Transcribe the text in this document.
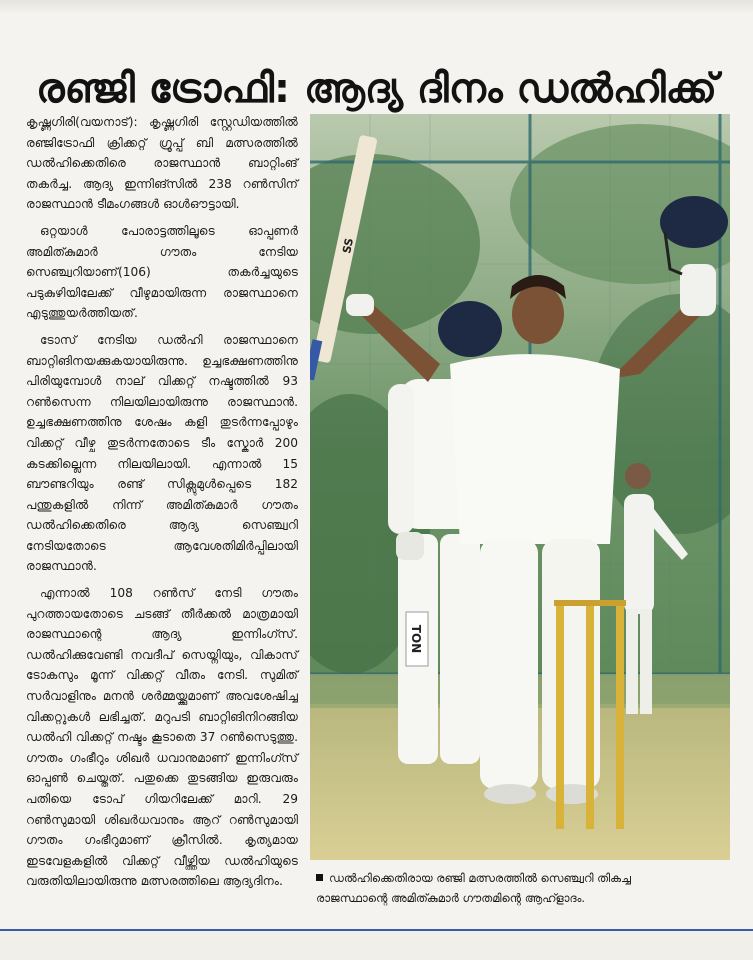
രഞ്ജി ട്രോഫി: ആദ്യ ദിനം ഡൽഹിക്ക്

കൃഷ്ണഗിരി(വയനാട്): കൃഷ്ണഗിരി സ്റ്റേഡിയത്തിൽ രഞ്ജിട്രോഫി ക്രിക്കറ്റ് ഗ്രൂപ്പ് ബി മത്സരത്തിൽ ഡൽഹിക്കെതിരെ രാജസ്ഥാൻ ബാറ്റിംങ് തകർച്ച. ആദ്യ ഇന്നിങ്സിൽ 238 റൺസിന് രാജസ്ഥാൻ ടീമംഗങ്ങൾ ഓൾഔട്ടായി.

ഒറ്റയാൾ പോരാട്ടത്തിലൂടെ ഓപ്പണർ അമിത്കുമാർ ഗൗതം നേടിയ സെഞ്ച്വറിയാണ്(106) തകർച്ചയുടെ പടുകുഴിയിലേക്ക് വീഴുമായിരുന്ന രാജസ്ഥാനെ എടുത്തുയർത്തിയത്.

ടോസ് നേടിയ ഡൽഹി രാജസ്ഥാനെ ബാറ്റിങിനയക്കുകയായിരുന്നു. ഉച്ചഭക്ഷണത്തിനു പിരിയുമ്പോൾ നാല് വിക്കറ്റ് നഷ്ടത്തിൽ 93 റൺസെന്ന നിലയിലായിരുന്നു രാജസ്ഥാൻ. ഉച്ചഭക്ഷണത്തിനു ശേഷം കളി തുടർന്നപ്പോഴും വിക്കറ്റ് വീഴ്ച തുടർന്നതോടെ ടീം സ്കോർ 200 കടക്കില്ലെന്ന നിലയിലായി. എന്നാൽ 15 ബൗണ്ടറിയും രണ്ട് സിക്സുമുൾപ്പെടെ 182 പന്തുകളിൽ നിന്ന് അമിത്കുമാർ ഗൗതം ഡൽഹിക്കെതിരെ ആദ്യ സെഞ്ച്വറി നേടിയതോടെ ആവേശതിമിർപ്പിലായി രാജസ്ഥാൻ.

എന്നാൽ 108 റൺസ് നേടി ഗൗതം പുറത്തായതോടെ ചടങ്ങ് തീർക്കൽ മാത്രമായി രാജസ്ഥാന്റെ ആദ്യ ഇന്നിംഗ്സ്. ഡൽഹിക്കുവേണ്ടി നവദീപ് സെയ്നിയും, വികാസ് ടോകസും മൂന്ന് വിക്കറ്റ് വീതം നേടി. സുമിത് സർവാളിനും മനൻ ശർമ്മയ്ക്കുമാണ് അവശേഷിച്ച വിക്കറ്റുകൾ ലഭിച്ചത്. മറുപടി ബാറ്റിങിനിറങ്ങിയ ഡൽഹി വിക്കറ്റ് നഷ്ടം കൂടാതെ 37 റൺസെടുത്തു. ഗൗതം ഗംഭീറും ശിഖർ ധവാനുമാണ് ഇന്നിംഗ്സ് ഓപ്പൺ ചെയ്തത്. പതുക്കെ തുടങ്ങിയ ഇരുവരും പതിയെ ടോപ് ഗിയറിലേക്ക് മാറി. 29 റൺസുമായി ശിഖർധവാനും ആറ് റൺസുമായി ഗൗതം ഗംഭീറുമാണ് ക്രീസിൽ. കൃത്യമായ ഇടവേളകളിൽ വിക്കറ്റ് വീഴ്ത്തിയ ഡൽഹിയുടെ വരുതിയിലായിരുന്നു മത്സരത്തിലെ ആദ്യദിനം.

TON
SS
ഡൽഹിക്കെതിരായ രഞ്ജി മത്സരത്തിൽ സെഞ്ച്വറി തികച്ച
രാജസ്ഥാന്റെ അമിത്കുമാർ ഗൗതമിന്റെ ആഹ്ളാദം.
